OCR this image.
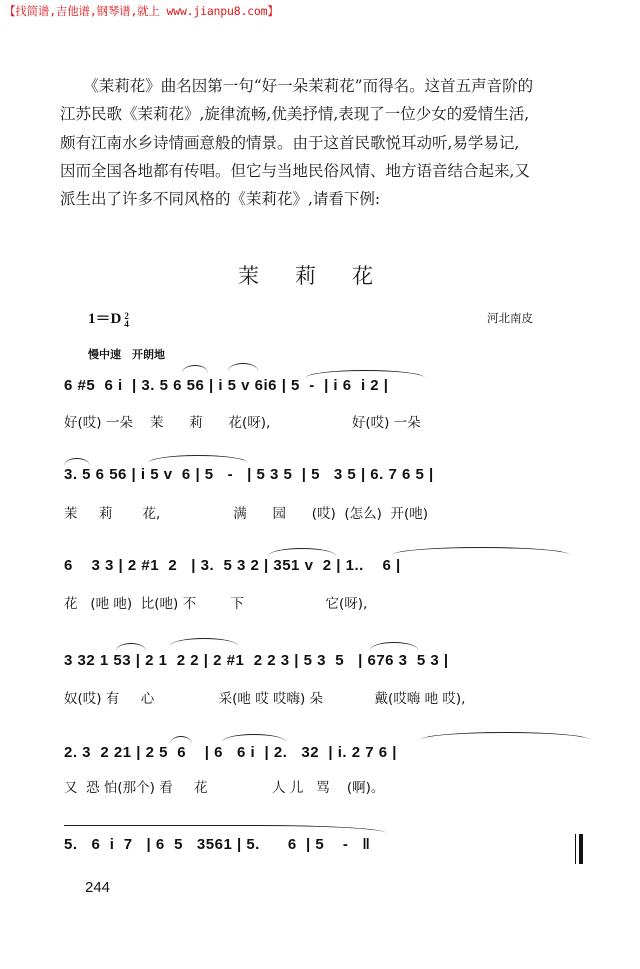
【找简谱,吉他谱,钢琴谱,就上 www.jianpu8.com】

　　《茉莉花》曲名因第一句“好一朵茉莉花”而得名。这首五声音阶的

江苏民歌《茉莉花》,旋律流畅,优美抒情,表现了一位少女的爱情生活,

颇有江南水乡诗情画意般的情景。由于这首民歌悦耳动听,易学易记,

因而全国各地都有传唱。但它与当地民俗风情、地方语音结合起来,又

派生出了许多不同风格的《茉莉花》,请看下例:

茉莉花
1＝D 2
4	河北南皮
慢中速　开朗地
6 #5  6 i  | 3. 5 6 56 | i 5 v 6i6 | 5  -  | i 6  i 2 |
好(哎) 一朵    茉      莉      花(呀),                   好(哎) 一朵
3. 5 6 56 | i 5 v  6 | 5   -   | 5 3 5  | 5   3 5 | 6. 7 6 5 |
茉     莉       花,                 满      园      (哎)  (怎么)  开(吔)
6    3 3 | 2 #1  2   | 3.  5 3 2 | 351 v  2 | 1..    6 |
花   (吔 吔)  比(吔) 不        下                   它(呀),
3 32 1 53 | 2 1  2 2 | 2 #1  2 2 3 | 5 3  5   | 676 3  5 3 |
奴(哎) 有     心               采(吔 哎 哎嗨) 朵            戴(哎嗨 吔 哎),
2. 3  2 21 | 2 5  6    | 6   6 i  | 2.   32  | i. 2 7 6 |
又  恐 怕(那个) 看     花               人 儿   骂    (啊)。
5.   6  i  7   | 6  5   3561 | 5.      6  | 5    -   ‖
244
